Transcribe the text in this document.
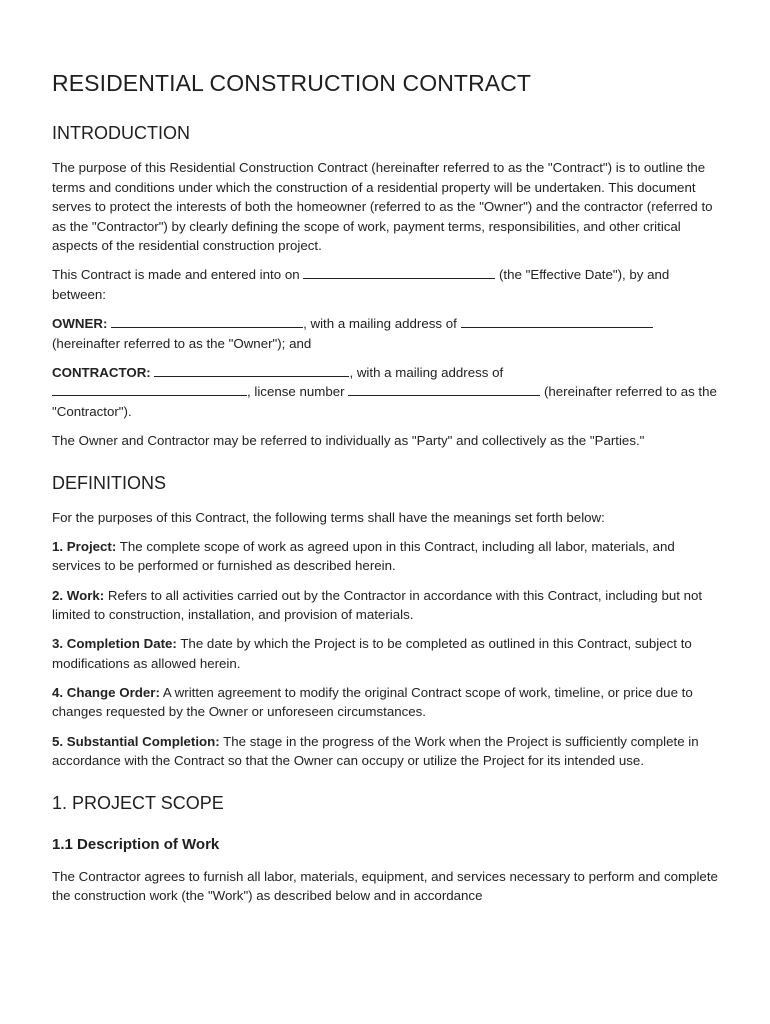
RESIDENTIAL CONSTRUCTION CONTRACT
INTRODUCTION

The purpose of this Residential Construction Contract (hereinafter referred to as the "Contract") is to outline the terms and conditions under which the construction of a residential property will be undertaken. This document serves to protect the interests of both the homeowner (referred to as the "Owner") and the contractor (referred to as the "Contractor") by clearly defining the scope of work, payment terms, responsibilities, and other critical aspects of the residential construction project.

This Contract is made and entered into on	(the "Effective Date"), by and between:

OWNER:	, with a mailing address of
(hereinafter referred to as the "Owner"); and

CONTRACTOR:	, with a mailing address of
, license number	(hereinafter referred to as the "Contractor").

The Owner and Contractor may be referred to individually as "Party" and collectively as the "Parties."

DEFINITIONS

For the purposes of this Contract, the following terms shall have the meanings set forth below:

1. Project: The complete scope of work as agreed upon in this Contract, including all labor, materials, and services to be performed or furnished as described herein.

2. Work: Refers to all activities carried out by the Contractor in accordance with this Contract, including but not limited to construction, installation, and provision of materials.

3. Completion Date: The date by which the Project is to be completed as outlined in this Contract, subject to modifications as allowed herein.

4. Change Order: A written agreement to modify the original Contract scope of work, timeline, or price due to changes requested by the Owner or unforeseen circumstances.

5. Substantial Completion: The stage in the progress of the Work when the Project is sufficiently complete in accordance with the Contract so that the Owner can occupy or utilize the Project for its intended use.

1. PROJECT SCOPE
1.1 Description of Work

The Contractor agrees to furnish all labor, materials, equipment, and services necessary to perform and complete the construction work (the "Work") as described below and in accordance
